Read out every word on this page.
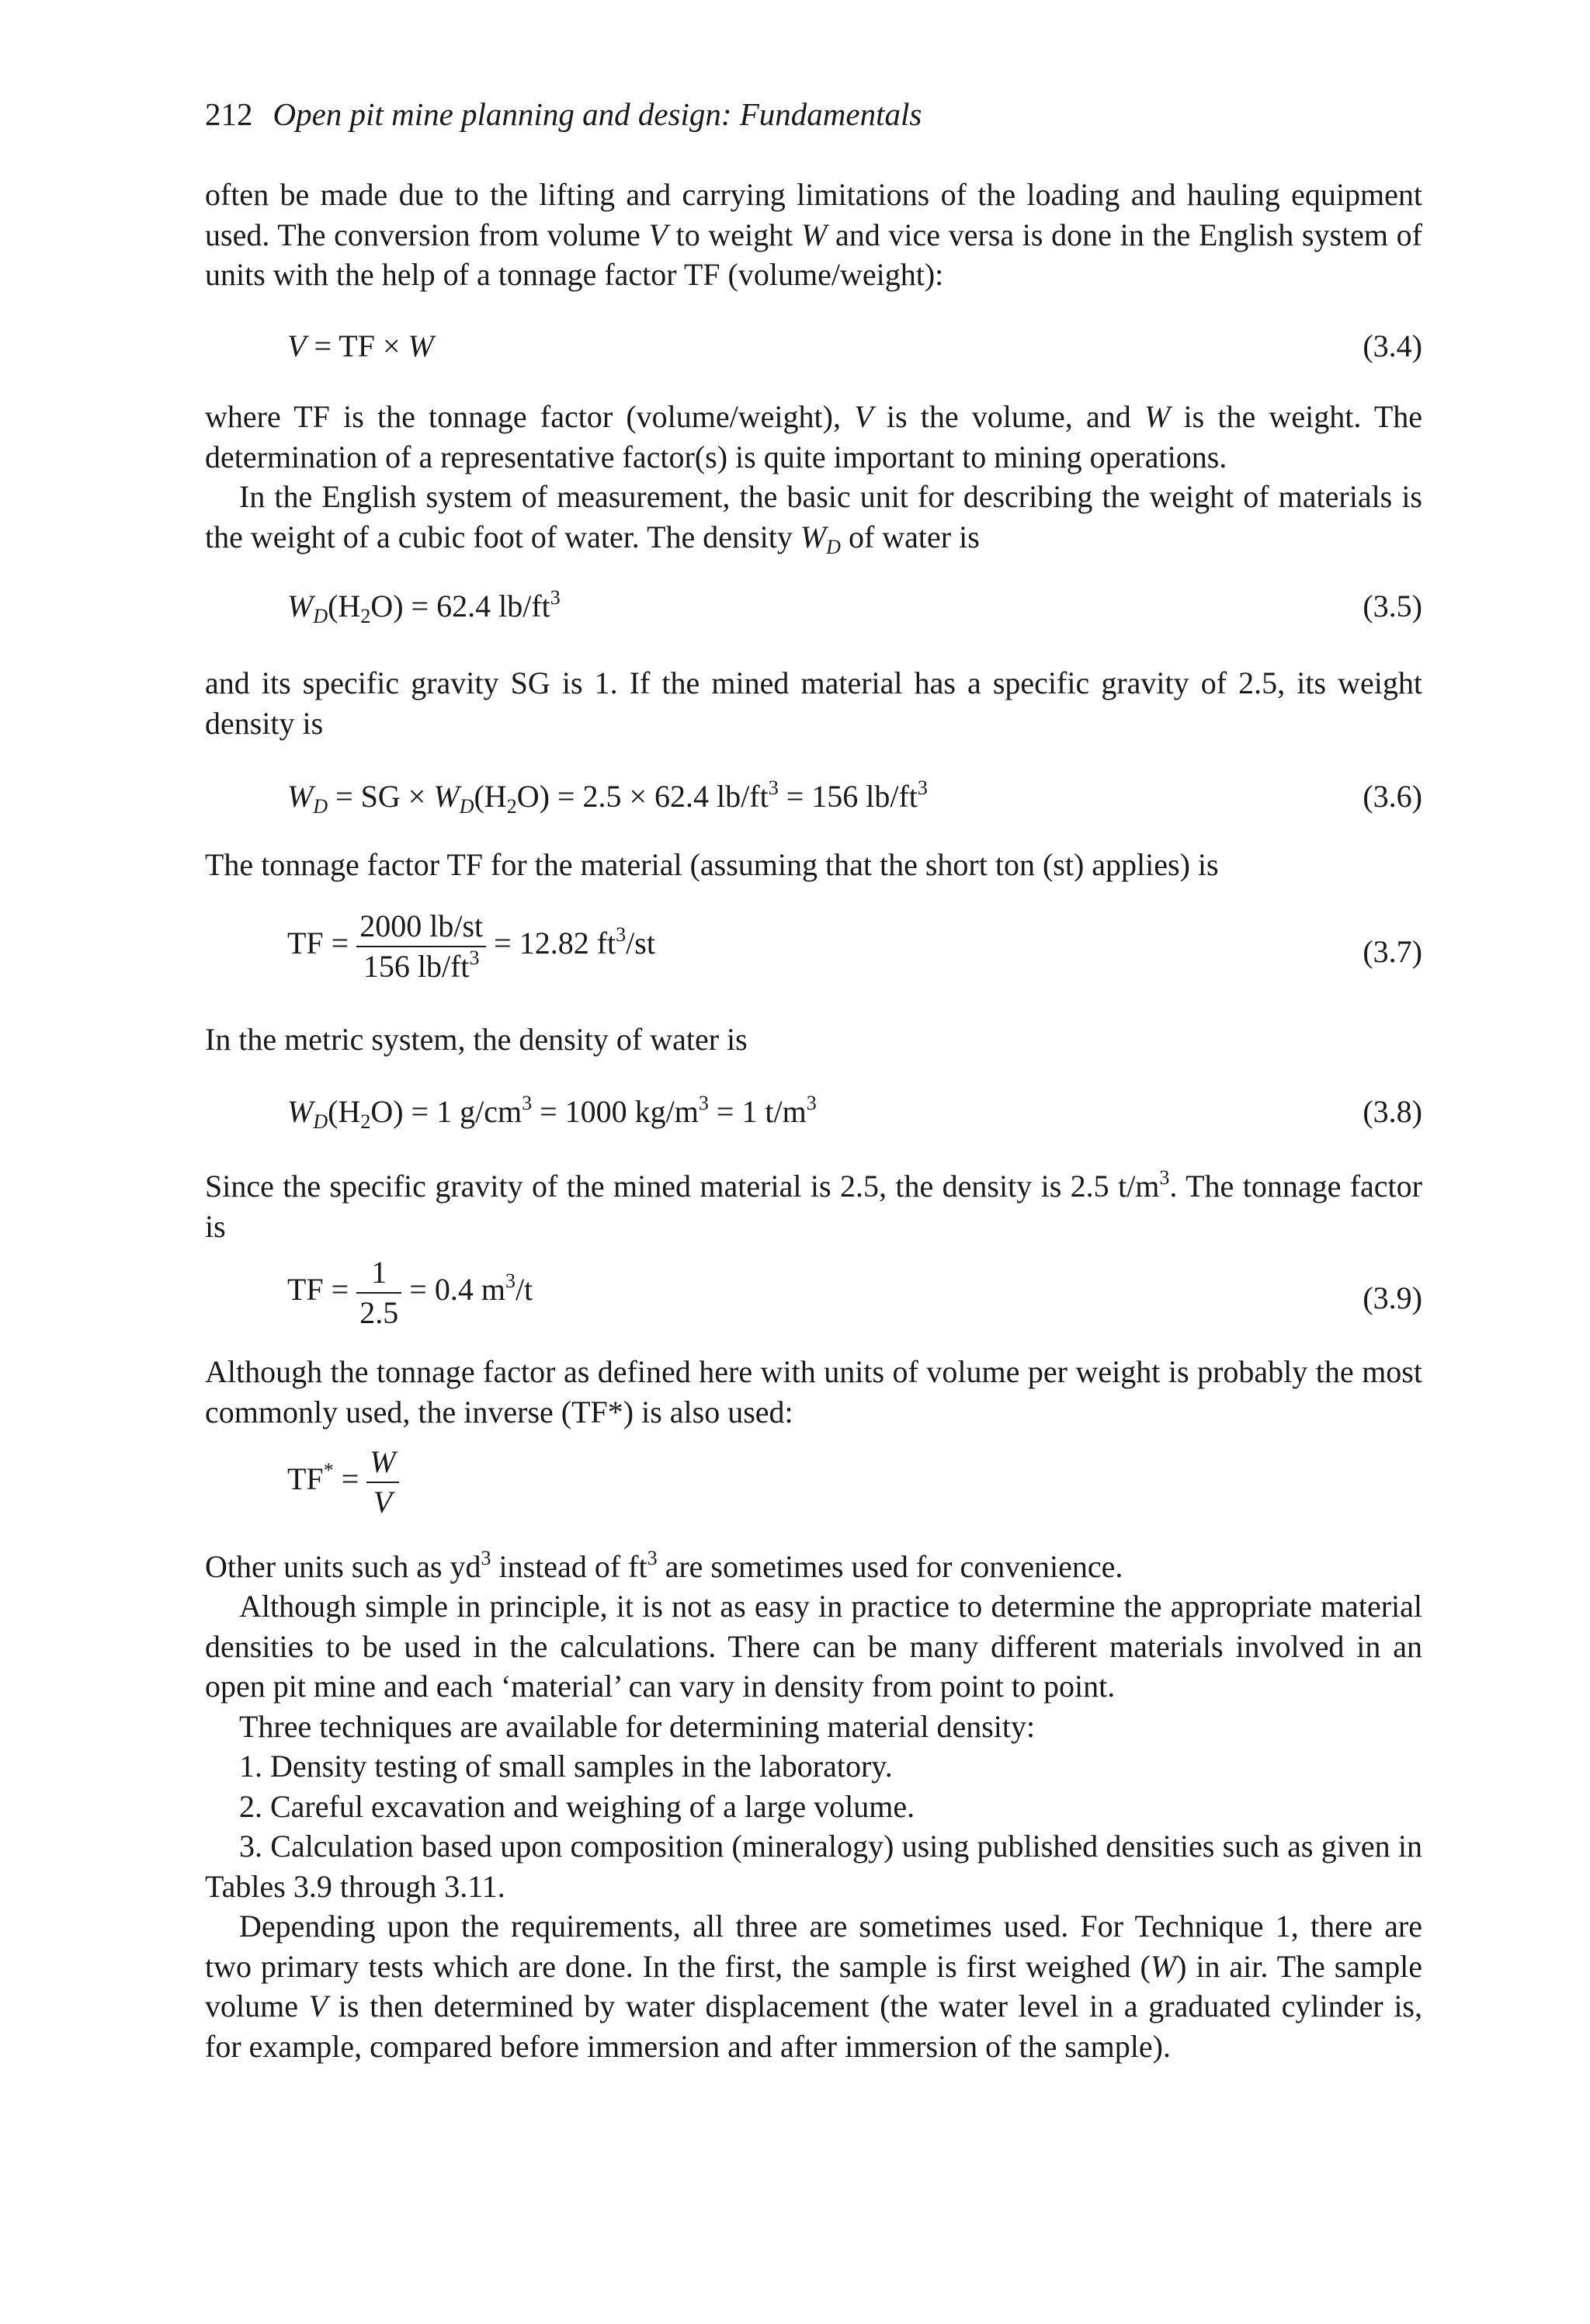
212 Open pit mine planning and design: Fundamentals

often be made due to the lifting and carrying limitations of the loading and hauling equipment used. The conversion from volume V to weight W and vice versa is done in the English system of units with the help of a tonnage factor TF (volume/weight):

V = TF × W	(3.4)

where TF is the tonnage factor (volume/weight), V is the volume, and W is the weight. The determination of a representative factor(s) is quite important to mining operations.

In the English system of measurement, the basic unit for describing the weight of materials is the weight of a cubic foot of water. The density $W_D$ of water is

$W_D(H_2O) = 62.4$ $lb/ft^3$	(3.5)

and its specific gravity SG is 1. If the mined material has a specific gravity of 2.5, its weight density is

$W_D$ = SG × $W_D(H_2O) = 2.5 \times 62.4$ $lb/ft^3 = 156$ $lb/ft^3$	(3.6)

The tonnage factor TF for the material (assuming that the short ton (st) applies) is

TF = $\frac{2000 lb/st}{156 lb/ft^3} = 12.82$ $ft^3/st$	(3.7)

In the metric system, the density of water is

$W_D(H_2O) = 1$ $g/cm^3 = 1000$ $kg/m^3 = 1$ $t/m^3$	(3.8)

Since the specific gravity of the mined material is 2.5, the density is 2.5 $t/m^3$. The tonnage factor is

TF = $\frac{1}{2.5} = 0.4$ $m^3/t$	(3.9)

Although the tonnage factor as defined here with units of volume per weight is probably the most commonly used, the inverse (TF*) is also used:

$TF^* = \frac{W}{V}$

Other units such as $yd^3$ instead of $ft^3$ are sometimes used for convenience.

Although simple in principle, it is not as easy in practice to determine the appropriate material densities to be used in the calculations. There can be many different materials involved in an open pit mine and each ‘material’ can vary in density from point to point.

Three techniques are available for determining material density:

1. Density testing of small samples in the laboratory.

2. Careful excavation and weighing of a large volume.

3. Calculation based upon composition (mineralogy) using published densities such as given in Tables 3.9 through 3.11.

Depending upon the requirements, all three are sometimes used. For Technique 1, there are two primary tests which are done. In the first, the sample is first weighed (W) in air. The sample volume V is then determined by water displacement (the water level in a graduated cylinder is, for example, compared before immersion and after immersion of the sample).
